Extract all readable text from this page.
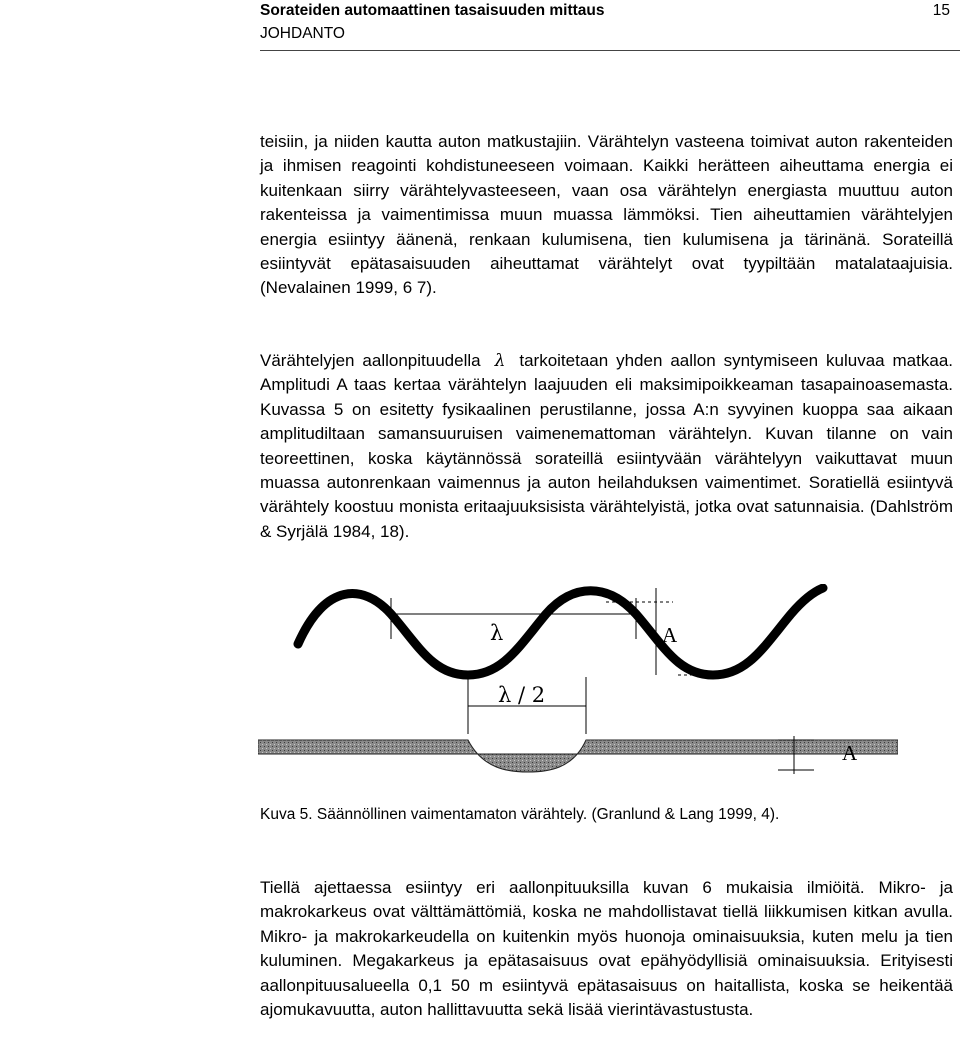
Sorateiden automaattinen tasaisuuden mittaus	15
JOHDANTO

teisiin, ja niiden kautta auton matkustajiin. Värähtelyn vasteena toimivat auton rakenteiden ja ihmisen reagointi kohdistuneeseen voimaan. Kaikki herätteen aiheuttama energia ei kuitenkaan siirry värähtelyvasteeseen, vaan osa värähtelyn energiasta muuttuu auton rakenteissa ja vaimentimissa muun muassa lämmöksi. Tien aiheuttamien värähtelyjen energia esiintyy äänenä, renkaan kulumisena, tien kulumisena ja tärinänä. Sorateillä esiintyvät epätasaisuuden aiheuttamat värähtelyt ovat tyypiltään matalataajuisia. (Nevalainen 1999, 6 7).

Värähtelyjen aallonpituudella λ tarkoitetaan yhden aallon syntymiseen kuluvaa matkaa. Amplitudi A taas kertaa värähtelyn laajuuden eli maksimipoikkeaman tasapainoasemasta. Kuvassa 5 on esitetty fysikaalinen perustilanne, jossa A:n syvyinen kuoppa saa aikaan amplitudiltaan samansuuruisen vaimenemattoman värähtelyn. Kuvan tilanne on vain teoreettinen, koska käytännössä sorateillä esiintyvään värähtelyyn vaikuttavat muun muassa autonrenkaan vaimennus ja auton heilahduksen vaimentimet. Soratiellä esiintyvä värähtely koostuu monista eritaajuuksisista värähtelyistä, jotka ovat satunnaisia. (Dahlström & Syrjälä 1984, 18).

λ	A
λ / 2
A
Kuva 5. Säännöllinen vaimentamaton värähtely. (Granlund & Lang 1999, 4).

Tiellä ajettaessa esiintyy eri aallonpituuksilla kuvan 6 mukaisia ilmiöitä. Mikro- ja makrokarkeus ovat välttämättömiä, koska ne mahdollistavat tiellä liikkumisen kitkan avulla. Mikro- ja makrokarkeudella on kuitenkin myös huonoja ominaisuuksia, kuten melu ja tien kuluminen. Megakarkeus ja epätasaisuus ovat epähyödyllisiä ominaisuuksia. Erityisesti aallonpituusalueella 0,1 50 m esiintyvä epätasaisuus on haitallista, koska se heikentää ajomukavuutta, auton hallittavuutta sekä lisää vierintävastustusta.
